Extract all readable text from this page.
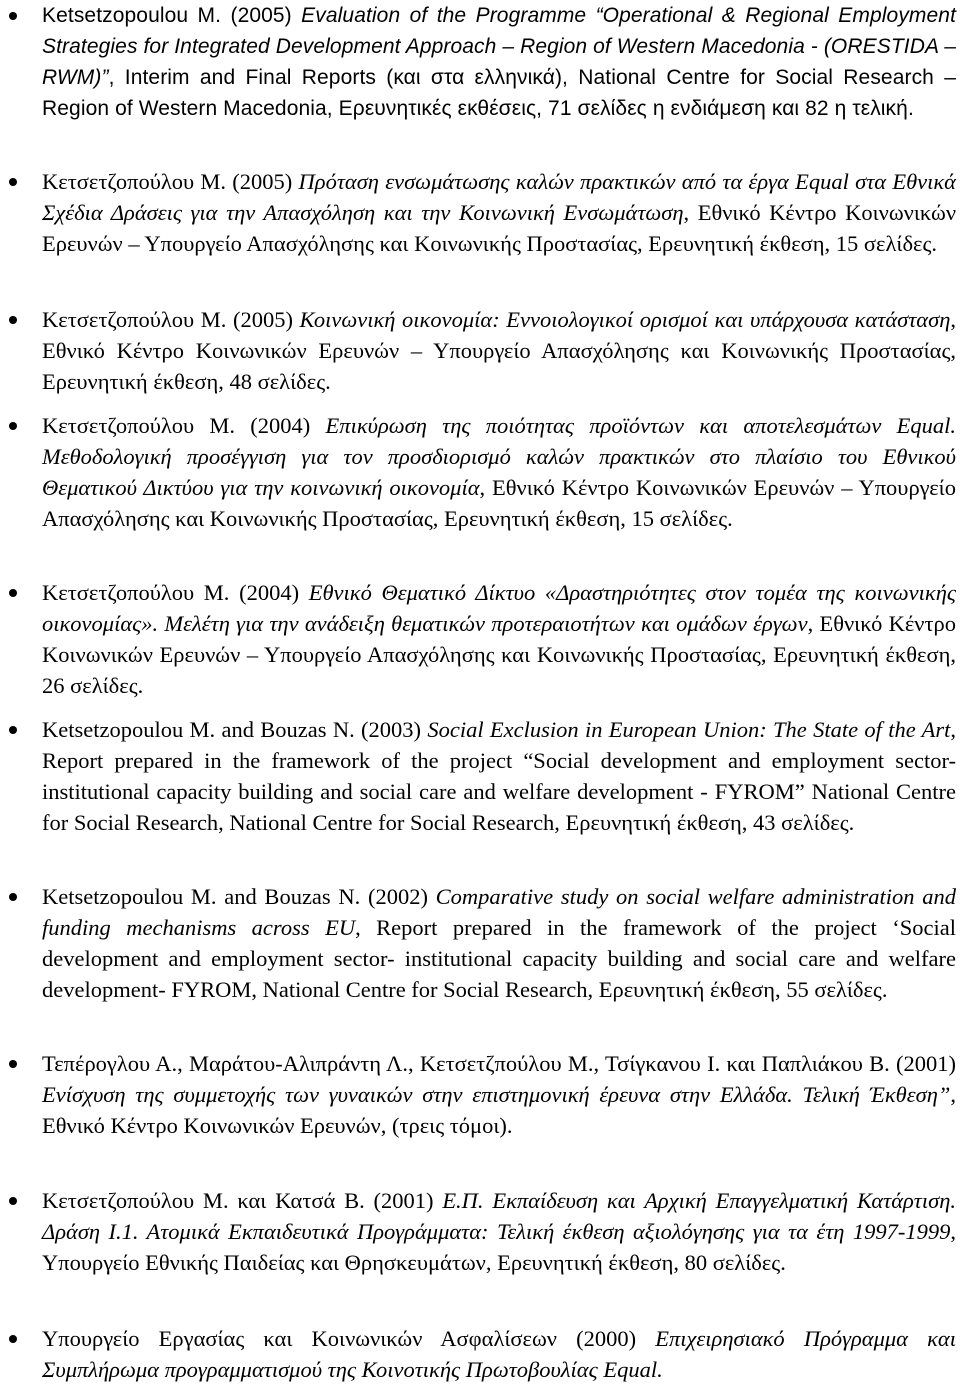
Ketsetzopoulou M. (2005) Evaluation of the Programme “Operational & Regional Employment Strategies for Integrated Development Approach – Region of Western Macedonia - (ORESTIDA – RWM)”, Interim and Final Reports (και στα ελληνικά), National Centre for Social Research – Region of Western Macedonia, Ερευνητικές εκθέσεις, 71 σελίδες η ενδιάμεση και 82 η τελική.
Κετσετζοπούλου Μ. (2005) Πρόταση ενσωμάτωσης καλών πρακτικών από τα έργα Equal στα Εθνικά Σχέδια Δράσεις για την Απασχόληση και την Κοινωνική Ενσωμάτωση, Εθνικό Κέντρο Κοινωνικών Ερευνών – Υπουργείο Απασχόλησης και Κοινωνικής Προστασίας, Ερευνητική έκθεση, 15 σελίδες.
Κετσετζοπούλου Μ. (2005) Κοινωνική οικονομία: Εννοιολογικοί ορισμοί και υπάρχουσα κατάσταση, Εθνικό Κέντρο Κοινωνικών Ερευνών – Υπουργείο Απασχόλησης και Κοινωνικής Προστασίας, Ερευνητική έκθεση, 48 σελίδες.
Κετσετζοπούλου Μ. (2004) Επικύρωση της ποιότητας προϊόντων και αποτελεσμάτων Equal. Μεθοδολογική προσέγγιση για τον προσδιορισμό καλών πρακτικών στο πλαίσιο του Εθνικού Θεματικού Δικτύου για την κοινωνική οικονομία, Εθνικό Κέντρο Κοινωνικών Ερευνών – Υπουργείο Απασχόλησης και Κοινωνικής Προστασίας, Ερευνητική έκθεση, 15 σελίδες.
Κετσετζοπούλου Μ. (2004) Εθνικό Θεματικό Δίκτυο «Δραστηριότητες στον τομέα της κοινωνικής οικονομίας». Μελέτη για την ανάδειξη θεματικών προτεραιοτήτων και ομάδων έργων, Εθνικό Κέντρο Κοινωνικών Ερευνών – Υπουργείο Απασχόλησης και Κοινωνικής Προστασίας, Ερευνητική έκθεση, 26 σελίδες.
Ketsetzopoulou M. and Bouzas N. (2003) Social Exclusion in European Union: The State of the Art, Report prepared in the framework of the project “Social development and employment sector- institutional capacity building and social care and welfare development - FYROM” National Centre for Social Research, National Centre for Social Research, Ερευνητική έκθεση, 43 σελίδες.
Ketsetzopoulou M. and Bouzas N. (2002) Comparative study on social welfare administration and funding mechanisms across EU, Report prepared in the framework of the project ‘Social development and employment sector- institutional capacity building and social care and welfare development- FYROM, National Centre for Social Research, Ερευνητική έκθεση, 55 σελίδες.
Τεπέρογλου Α., Μαράτου-Αλιπράντη Λ., Κετσετζπούλου Μ., Τσίγκανου Ι. και Παπλιάκου Β. (2001) Ενίσχυση της συμμετοχής των γυναικών στην επιστημονική έρευνα στην Ελλάδα. Τελική Έκθεση”, Εθνικό Κέντρο Κοινωνικών Ερευνών, (τρεις τόμοι).
Κετσετζοπούλου Μ. και Κατσά Β. (2001) Ε.Π. Εκπαίδευση και Αρχική Επαγγελματική Κατάρτιση. Δράση Ι.1. Ατομικά Εκπαιδευτικά Προγράμματα: Τελική έκθεση αξιολόγησης για τα έτη 1997-1999, Υπουργείο Εθνικής Παιδείας και Θρησκευμάτων, Ερευνητική έκθεση, 80 σελίδες.
Υπουργείο Εργασίας και Κοινωνικών Ασφαλίσεων (2000) Επιχειρησιακό Πρόγραμμα και Συμπλήρωμα προγραμματισμού της Κοινοτικής Πρωτοβουλίας Equal.
